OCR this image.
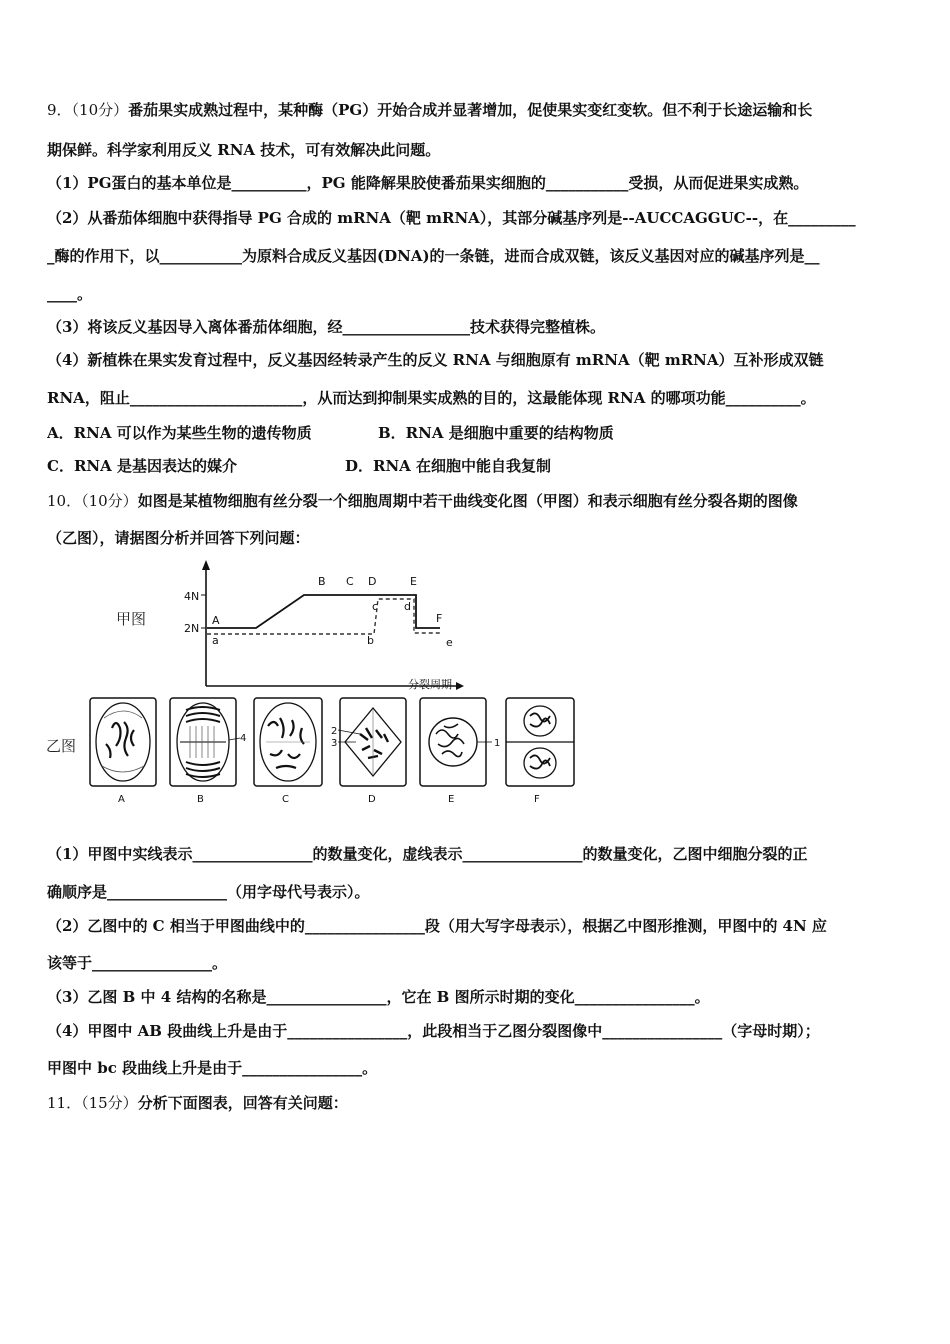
9．（10分）番茄果实成熟过程中，某种酶（PG）开始合成并显著增加，促使果实变红变软。但不利于长途运输和长
期保鲜。科学家利用反义 RNA 技术，可有效解决此问题。
（1）PG蛋白的基本单位是__________，PG 能降解果胶使番茄果实细胞的___________受损，从而促进果实成熟。
（2）从番茄体细胞中获得指导 PG 合成的 mRNA（靶 mRNA），其部分碱基序列是--AUCCAGGUC--，在_________
_酶的作用下，以___________为原料合成反义基因(DNA)的一条链，进而合成双链，该反义基因对应的碱基序列是__
____。
（3）将该反义基因导入离体番茄体细胞，经_________________技术获得完整植株。
（4）新植株在果实发育过程中，反义基因经转录产生的反义 RNA 与细胞原有 mRNA（靶 mRNA）互补形成双链
RNA，阻止_______________________，从而达到抑制果实成熟的目的，这最能体现 RNA 的哪项功能__________。
A．RNA 可以作为某些生物的遗传物质	B．RNA 是细胞中重要的结构物质
C．RNA 是基因表达的媒介	D．RNA 在细胞中能自我复制
10．（10分）如图是某植物细胞有丝分裂一个细胞周期中若干曲线变化图（甲图）和表示细胞有丝分裂各期的图像
（乙图），请据图分析并回答下列问题：
甲图
4N
2N
A
B C D	E
F
a	b
c d
e
分裂周期
乙图
A
4
B	C
2
3
D
1
E	F
（1）甲图中实线表示________________的数量变化，虚线表示________________的数量变化，乙图中细胞分裂的正
确顺序是________________（用字母代号表示）。
（2）乙图中的 C 相当于甲图曲线中的________________段（用大写字母表示），根据乙中图形推测，甲图中的 4N 应
该等于________________。
（3）乙图 B 中 4 结构的名称是________________，它在 B 图所示时期的变化________________。
（4）甲图中 AB 段曲线上升是由于________________，此段相当于乙图分裂图像中________________（字母时期）；
甲图中 bc 段曲线上升是由于________________。
11．（15分）分析下面图表，回答有关问题：
